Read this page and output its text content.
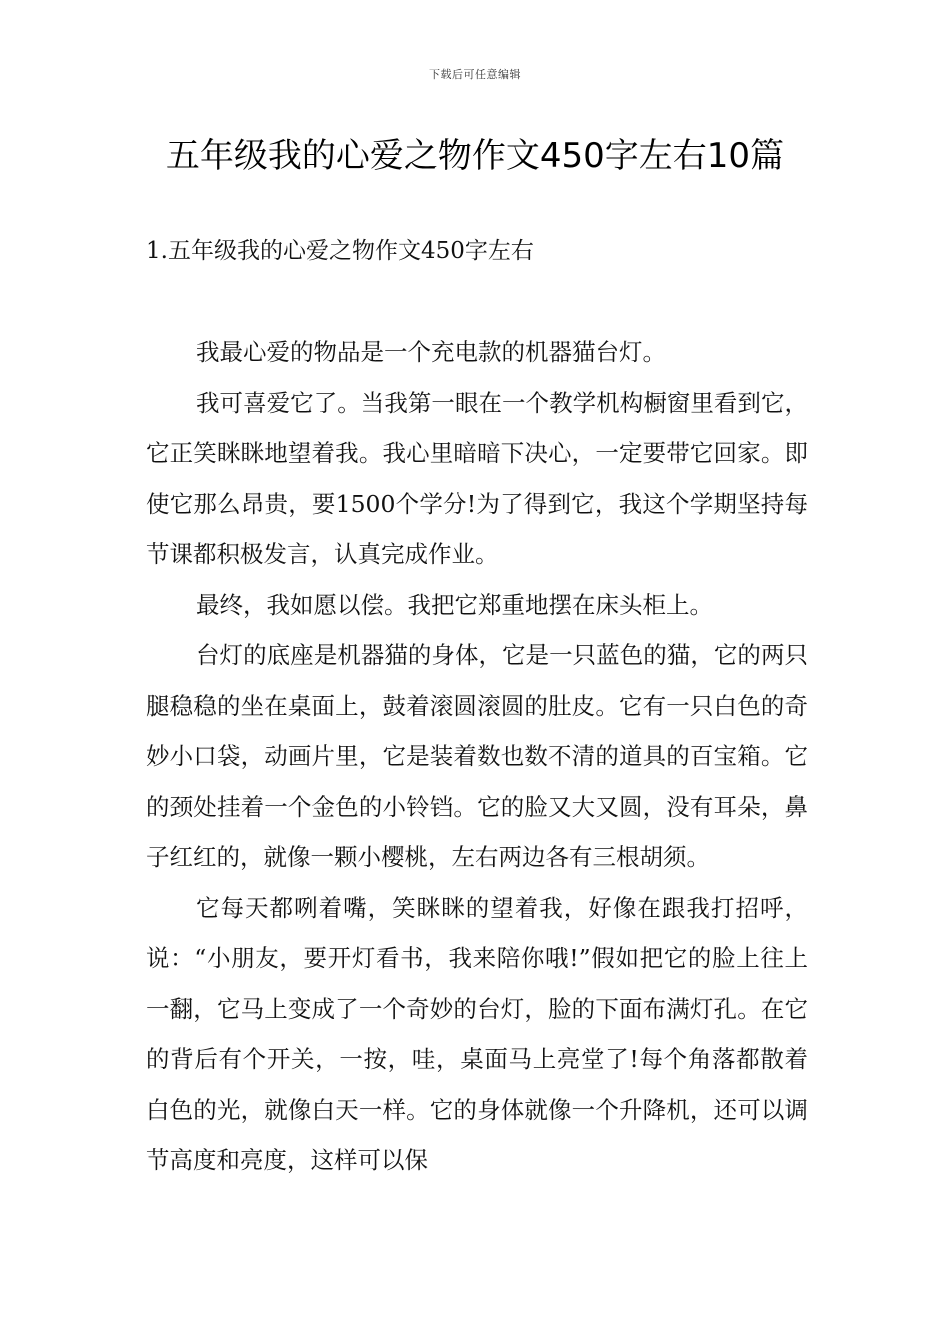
下载后可任意编辑
五年级我的心爱之物作文450字左右10篇
1.五年级我的心爱之物作文450字左右

我最心爱的物品是一个充电款的机器猫台灯。

我可喜爱它了。当我第一眼在一个教学机构橱窗里看到它，它正笑眯眯地望着我。我心里暗暗下决心，一定要带它回家。即使它那么昂贵，要1500个学分!为了得到它，我这个学期坚持每节课都积极发言，认真完成作业。

最终，我如愿以偿。我把它郑重地摆在床头柜上。

台灯的底座是机器猫的身体，它是一只蓝色的猫，它的两只腿稳稳的坐在桌面上，鼓着滚圆滚圆的肚皮。它有一只白色的奇妙小口袋，动画片里，它是装着数也数不清的道具的百宝箱。它的颈处挂着一个金色的小铃铛。它的脸又大又圆，没有耳朵，鼻子红红的，就像一颗小樱桃，左右两边各有三根胡须。

它每天都咧着嘴，笑眯眯的望着我，好像在跟我打招呼，说：“小朋友，要开灯看书，我来陪你哦!”假如把它的脸上往上一翻，它马上变成了一个奇妙的台灯，脸的下面布满灯孔。在它的背后有个开关，一按，哇，桌面马上亮堂了!每个角落都散着白色的光，就像白天一样。它的身体就像一个升降机，还可以调节高度和亮度，这样可以保
